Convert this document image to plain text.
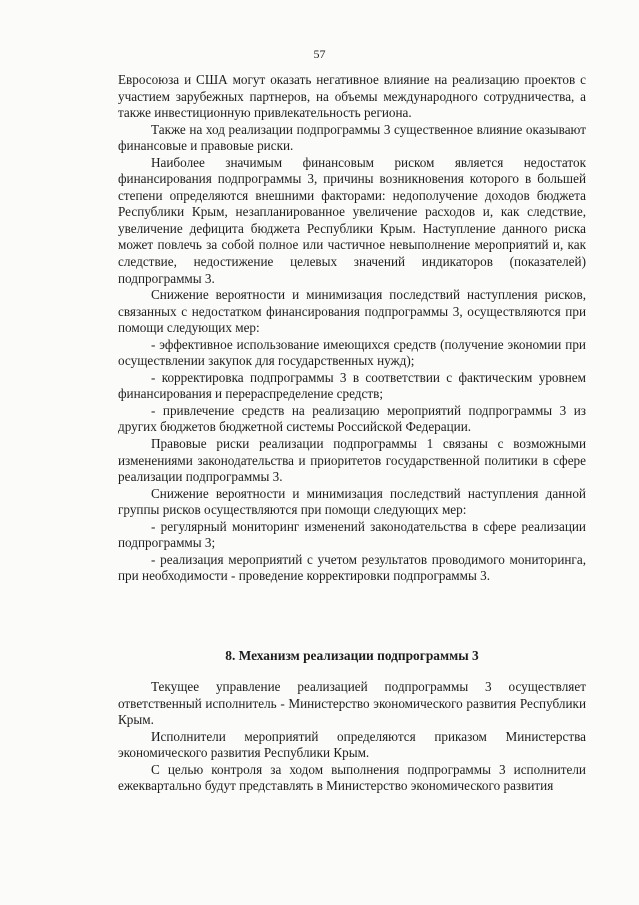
57

Евросоюза и США могут оказать негативное влияние на реализацию проектов с участием зарубежных партнеров, на объемы международного сотрудничества, а также инвестиционную привлекательность региона.

Также на ход реализации подпрограммы 3 существенное влияние оказывают финансовые и правовые риски.

Наиболее значимым финансовым риском является недостаток финансирования подпрограммы 3, причины возникновения которого в большей степени определяются внешними факторами: недополучение доходов бюджета Республики Крым, незапланированное увеличение расходов и, как следствие, увеличение дефицита бюджета Республики Крым. Наступление данного риска может повлечь за собой полное или частичное невыполнение мероприятий и, как следствие, недостижение целевых значений индикаторов (показателей) подпрограммы 3.

Снижение вероятности и минимизация последствий наступления рисков, связанных с недостатком финансирования подпрограммы 3, осуществляются при помощи следующих мер:

- эффективное использование имеющихся средств (получение экономии при осуществлении закупок для государственных нужд);

- корректировка подпрограммы 3 в соответствии с фактическим уровнем финансирования и перераспределение средств;

- привлечение средств на реализацию мероприятий подпрограммы 3 из других бюджетов бюджетной системы Российской Федерации.

Правовые риски реализации подпрограммы 1 связаны с возможными изменениями законодательства и приоритетов государственной политики в сфере реализации подпрограммы 3.

Снижение вероятности и минимизация последствий наступления данной группы рисков осуществляются при помощи следующих мер:

- регулярный мониторинг изменений законодательства в сфере реализации подпрограммы 3;

- реализация мероприятий с учетом результатов проводимого мониторинга, при необходимости - проведение корректировки подпрограммы 3.

8. Механизм реализации подпрограммы 3

Текущее управление реализацией подпрограммы 3 осуществляет ответственный исполнитель - Министерство экономического развития Республики Крым.

Исполнители мероприятий определяются приказом Министерства экономического развития Республики Крым.

С целью контроля за ходом выполнения подпрограммы 3 исполнители ежеквартально будут представлять в Министерство экономического развития
